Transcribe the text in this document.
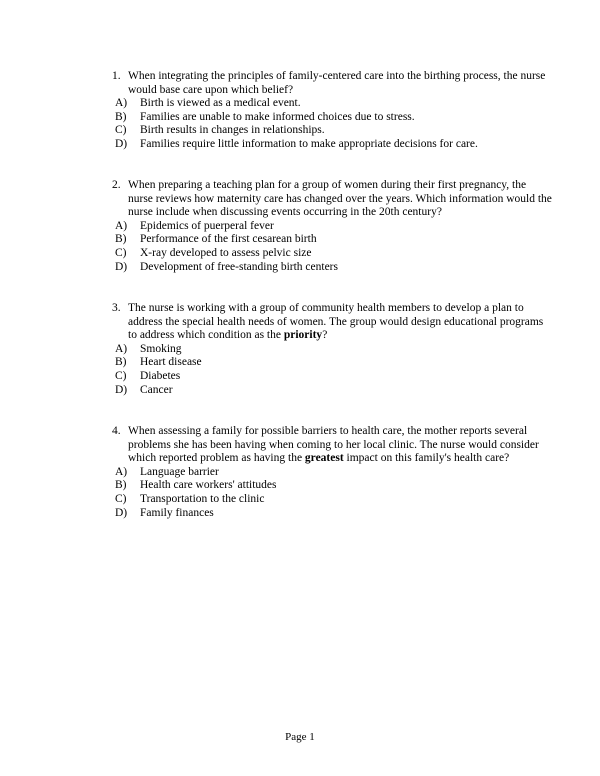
1. When integrating the principles of family-centered care into the birthing process, the nurse would base care upon which belief?
A)	Birth is viewed as a medical event.
B)	Families are unable to make informed choices due to stress.
C)	Birth results in changes in relationships.
D)	Families require little information to make appropriate decisions for care.
2. When preparing a teaching plan for a group of women during their first pregnancy, the nurse reviews how maternity care has changed over the years. Which information would the nurse include when discussing events occurring in the 20th century?
A)	Epidemics of puerperal fever
B)	Performance of the first cesarean birth
C)	X-ray developed to assess pelvic size
D)	Development of free-standing birth centers
3. The nurse is working with a group of community health members to develop a plan to address the special health needs of women. The group would design educational programs to address which condition as the priority?
A)	Smoking
B)	Heart disease
C)	Diabetes
D)	Cancer
4. When assessing a family for possible barriers to health care, the mother reports several problems she has been having when coming to her local clinic. The nurse would consider which reported problem as having the greatest impact on this family's health care?
A)	Language barrier
B)	Health care workers' attitudes
C)	Transportation to the clinic
D)	Family finances
Page 1
